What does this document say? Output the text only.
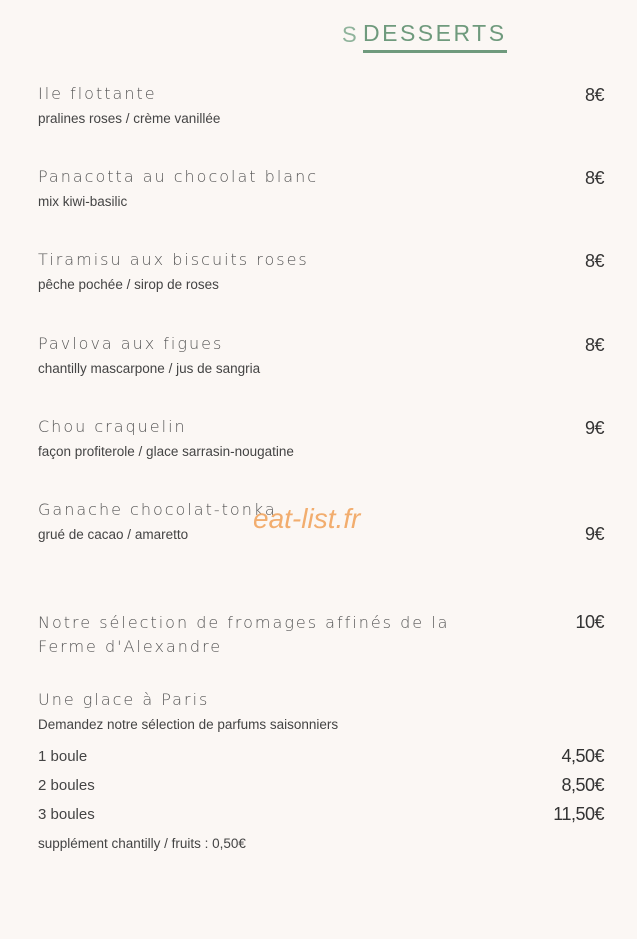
S DESSERTS
Ile flottante
pralines roses / crème vanillée
8€
Panacotta au chocolat blanc
mix kiwi-basilic
8€
Tiramisu aux biscuits roses
pêche pochée / sirop de roses
8€
Pavlova aux figues
chantilly mascarpone / jus de sangria
8€
Chou craquelin
façon profiterole / glace sarrasin-nougatine
9€
Ganache chocolat-tonka
grué de cacao / amaretto	9€
eat-list.fr
Notre sélection de fromages affinés de la Ferme d'Alexandre
10€
Une glace à Paris
Demandez notre sélection de parfums saisonniers
1 boule	4,50€
2 boules	8,50€
3 boules	11,50€
supplément chantilly / fruits : 0,50€
